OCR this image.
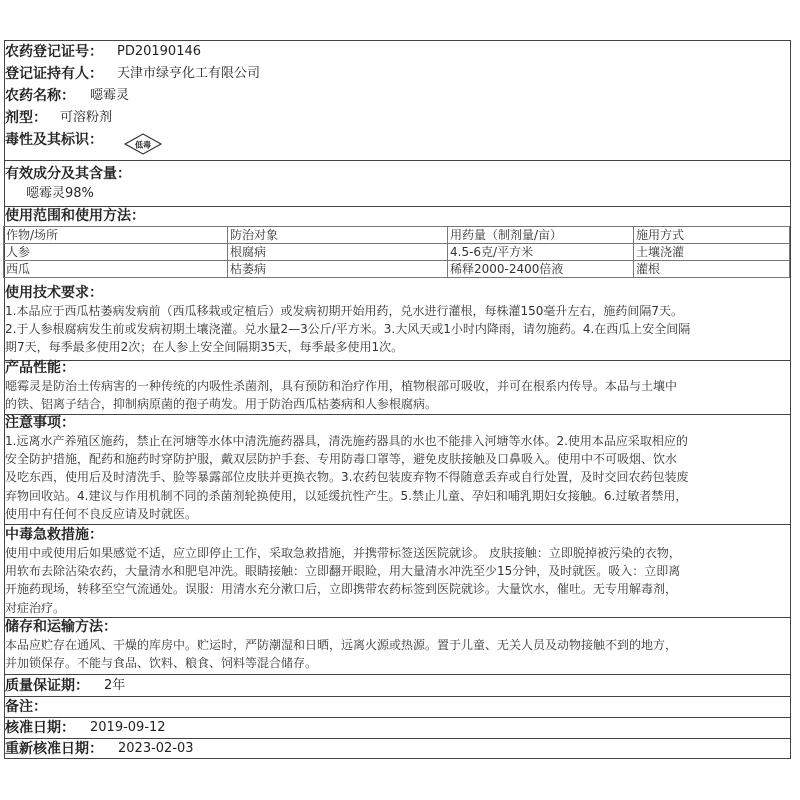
农药登记证号： PD20190146
登记证持有人： 天津市绿亨化工有限公司
农药名称： 噁霉灵
剂型： 可溶粉剂
毒性及其标识：	低毒
有效成分及其含量：
噁霉灵98%
使用范围和使用方法：
作物/场所	防治对象	用药量（制剂量/亩）	施用方式
人参	根腐病	4.5-6克/平方米	土壤浇灌
西瓜	枯萎病	稀释2000-2400倍液	灌根
使用技术要求：
1.本品应于西瓜枯萎病发病前（西瓜移栽或定植后）或发病初期开始用药，兑水进行灌根，每株灌150毫升左右，施药间隔7天。
2.于人参根腐病发生前或发病初期土壤浇灌。兑水量2—3公斤/平方米。3.大风天或1小时内降雨，请勿施药。4.在西瓜上安全间隔
期7天，每季最多使用2次；在人参上安全间隔期35天，每季最多使用1次。
产品性能：
噁霉灵是防治土传病害的一种传统的内吸性杀菌剂，具有预防和治疗作用，植物根部可吸收，并可在根系内传导。本品与土壤中
的铁、铝离子结合，抑制病原菌的孢子萌发。用于防治西瓜枯萎病和人参根腐病。
注意事项：
1.远离水产养殖区施药，禁止在河塘等水体中清洗施药器具，清洗施药器具的水也不能排入河塘等水体。2.使用本品应采取相应的
安全防护措施，配药和施药时穿防护服，戴双层防护手套、专用防毒口罩等，避免皮肤接触及口鼻吸入。使用中不可吸烟、饮水
及吃东西，使用后及时清洗手、脸等暴露部位皮肤并更换衣物。3.农药包装废弃物不得随意丢弃或自行处置，及时交回农药包装废
弃物回收站。4.建议与作用机制不同的杀菌剂轮换使用，以延缓抗性产生。5.禁止儿童、孕妇和哺乳期妇女接触。6.过敏者禁用，
使用中有任何不良反应请及时就医。
中毒急救措施：
使用中或使用后如果感觉不适，应立即停止工作，采取急救措施，并携带标签送医院就诊。 皮肤接触：立即脱掉被污染的衣物，
用软布去除沾染农药，大量清水和肥皂冲洗。眼睛接触：立即翻开眼睑，用大量清水冲洗至少15分钟，及时就医。吸入：立即离
开施药现场，转移至空气流通处。误服：用清水充分漱口后，立即携带农药标签到医院就诊。大量饮水，催吐。无专用解毒剂，
对症治疗。
储存和运输方法：
本品应贮存在通风、干燥的库房中。贮运时，严防潮湿和日晒，远离火源或热源。置于儿童、无关人员及动物接触不到的地方，
并加锁保存。不能与食品、饮料、粮食、饲料等混合储存。
质量保证期： 2年
备注：
核准日期： 2019-09-12
重新核准日期： 2023-02-03
